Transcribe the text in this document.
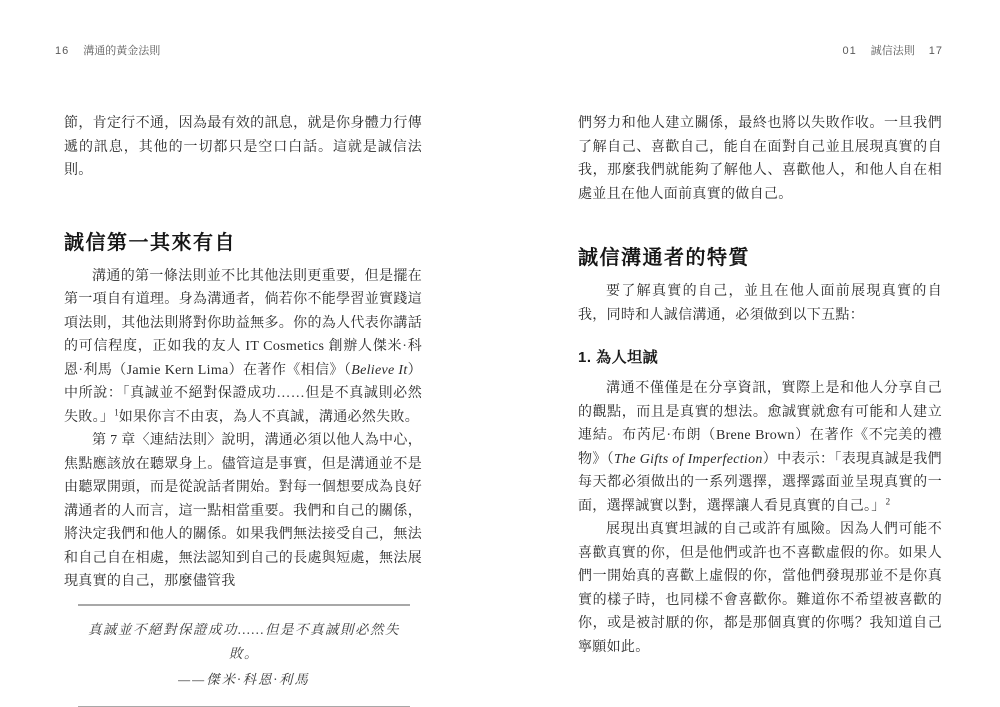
16 溝通的黃金法則	01 誠信法則 17

節，肯定行不通，因為最有效的訊息，就是你身體力行傳遞的訊息，其他的一切都只是空口白話。這就是誠信法則。

誠信第一其來有自

溝通的第一條法則並不比其他法則更重要，但是擺在第一項自有道理。身為溝通者，倘若你不能學習並實踐這項法則，其他法則將對你助益無多。你的為人代表你講話的可信程度，正如我的友人 IT Cosmetics 創辦人傑米·科恩·利馬（Jamie Kern Lima）在著作《相信》（Believe It）中所說：「真誠並不絕對保證成功……但是不真誠則必然失敗。」$^1$如果你言不由衷，為人不真誠，溝通必然失敗。

第 7 章〈連結法則〉說明，溝通必須以他人為中心，焦點應該放在聽眾身上。儘管這是事實，但是溝通並不是由聽眾開頭，而是從說話者開始。對每一個想要成為良好溝通者的人而言，這一點相當重要。我們和自己的關係，將決定我們和他人的關係。如果我們無法接受自己，無法和自己自在相處，無法認知到自己的長處與短處，無法展現真實的自己，那麼儘管我

真誠並不絕對保證成功……但是不真誠則必然失敗。
——傑米·科恩·利馬

們努力和他人建立關係，最終也將以失敗作收。一旦我們了解自己、喜歡自己，能自在面對自己並且展現真實的自我，那麼我們就能夠了解他人、喜歡他人，和他人自在相處並且在他人面前真實的做自己。

誠信溝通者的特質

要了解真實的自己，並且在他人面前展現真實的自我，同時和人誠信溝通，必須做到以下五點：

1. 為人坦誠

溝通不僅僅是在分享資訊，實際上是和他人分享自己的觀點，而且是真實的想法。愈誠實就愈有可能和人建立連結。布芮尼·布朗（Brene Brown）在著作《不完美的禮物》（The Gifts of Imperfection）中表示：「表現真誠是我們每天都必須做出的一系列選擇，選擇露面並呈現真實的一面，選擇誠實以對，選擇讓人看見真實的自己。」$^2$

展現出真實坦誠的自己或許有風險。因為人們可能不喜歡真實的你，但是他們或許也不喜歡虛假的你。如果人們一開始真的喜歡上虛假的你，當他們發現那並不是你真實的樣子時，也同樣不會喜歡你。難道你不希望被喜歡的你，或是被討厭的你，都是那個真實的你嗎？我知道自己寧願如此。
